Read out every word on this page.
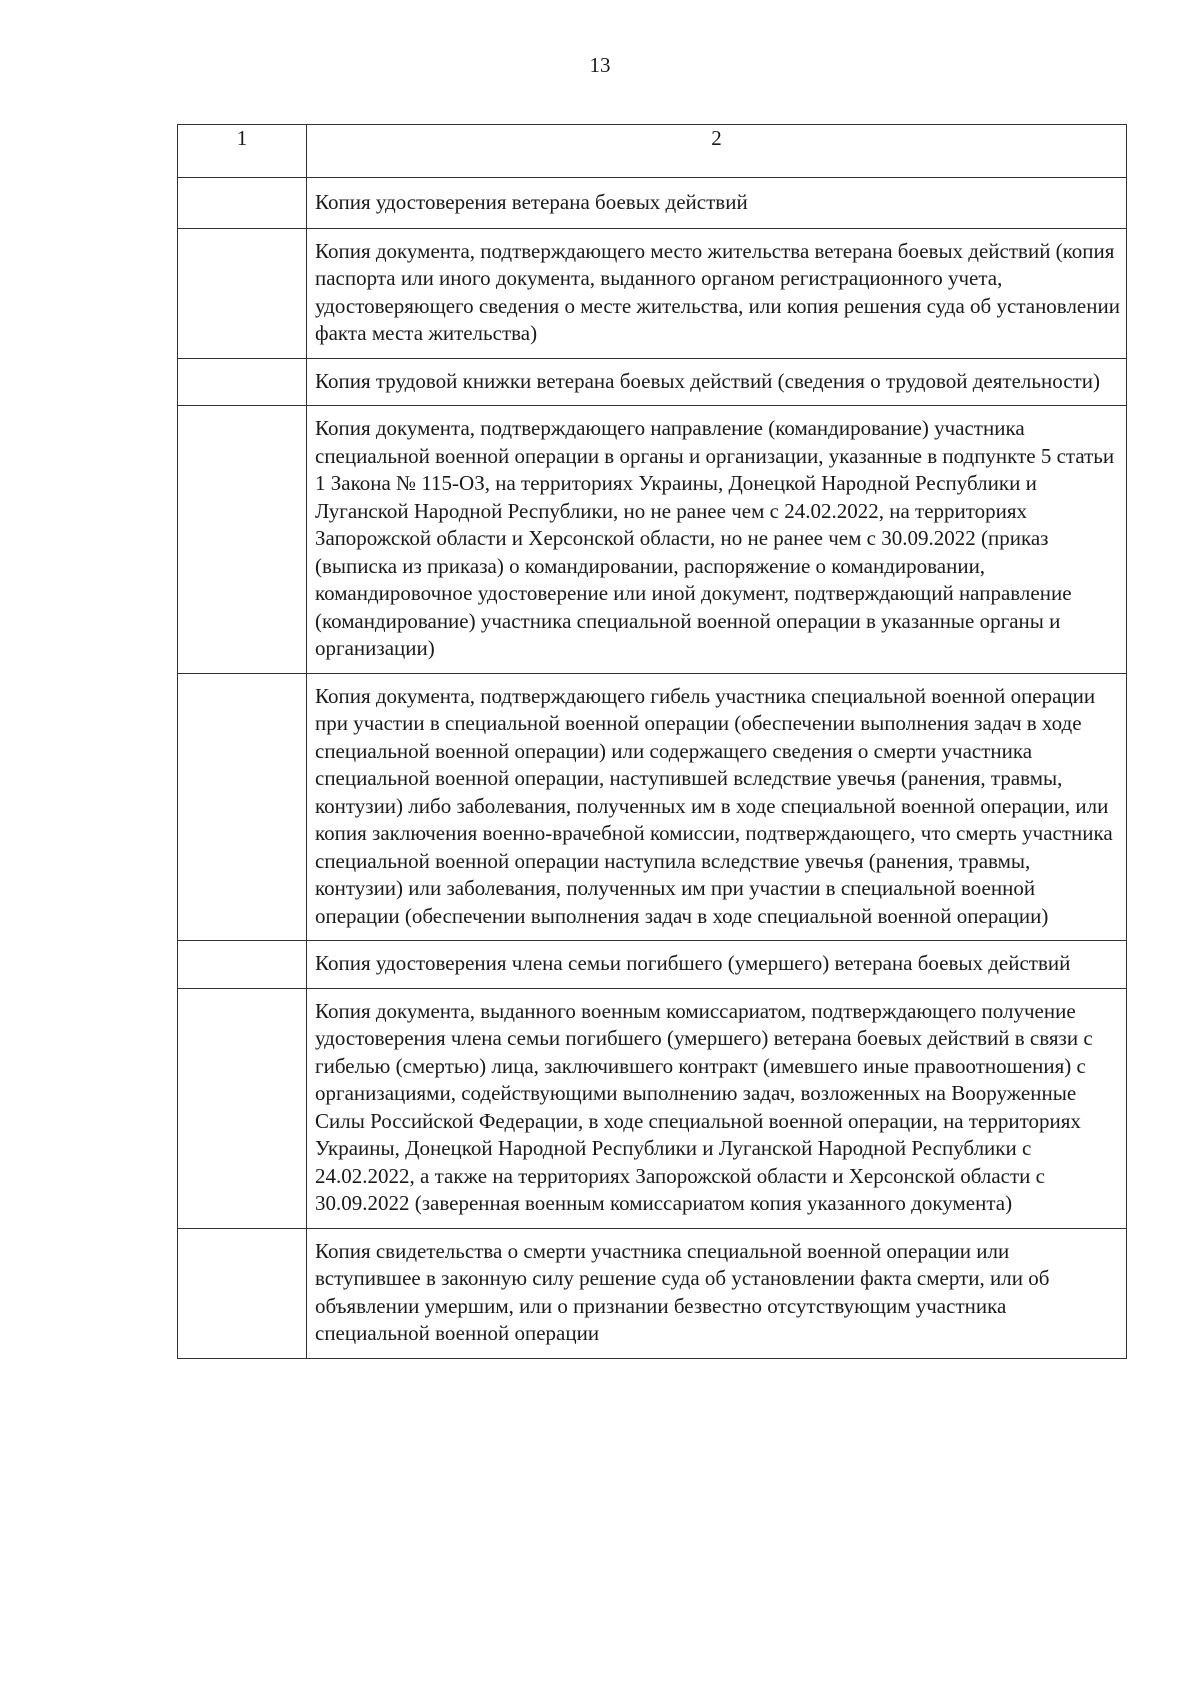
13
1	2

	Копия удостоверения ветерана боевых действий

	Копия документа, подтверждающего место жительства ветерана боевых действий (копия паспорта или иного документа, выданного органом регистрационного учета, удостоверяющего сведения о месте жительства, или копия решения суда об установлении факта места жительства)

	Копия трудовой книжки ветерана боевых действий (сведения о трудовой деятельности)

	Копия документа, подтверждающего направление (командирование) участника специальной военной операции в органы и организации, указанные в подпункте 5 статьи 1 Закона № 115-ОЗ, на территориях Украины, Донецкой Народной Республики и Луганской Народной Республики, но не ранее чем с 24.02.2022, на территориях Запорожской области и Херсонской области, но не ранее чем с 30.09.2022 (приказ (выписка из приказа) о командировании, распоряжение о командировании, командировочное удостоверение или иной документ, подтверждающий направление (командирование) участника специальной военной операции в указанные органы и организации)

	Копия документа, подтверждающего гибель участника специальной военной операции при участии в специальной военной операции (обеспечении выполнения задач в ходе специальной военной операции) или содержащего сведения о смерти участника специальной военной операции, наступившей вследствие увечья (ранения, травмы, контузии) либо заболевания, полученных им в ходе специальной военной операции, или копия заключения военно-врачебной комиссии, подтверждающего, что смерть участника специальной военной операции наступила вследствие увечья (ранения, травмы, контузии) или заболевания, полученных им при участии в специальной военной операции (обеспечении выполнения задач в ходе специальной военной операции)

	Копия удостоверения члена семьи погибшего (умершего) ветерана боевых действий

	Копия документа, выданного военным комиссариатом, подтверждающего получение удостоверения члена семьи погибшего (умершего) ветерана боевых действий в связи с гибелью (смертью) лица, заключившего контракт (имевшего иные правоотношения) с организациями, содействующими выполнению задач, возложенных на Вооруженные Силы Российской Федерации, в ходе специальной военной операции, на территориях Украины, Донецкой Народной Республики и Луганской Народной Республики с 24.02.2022, а также на территориях Запорожской области и Херсонской области с 30.09.2022 (заверенная военным комиссариатом копия указанного документа)

	Копия свидетельства о смерти участника специальной военной операции или вступившее в законную силу решение суда об установлении факта смерти, или об объявлении умершим, или о признании безвестно отсутствующим участника специальной военной операции
